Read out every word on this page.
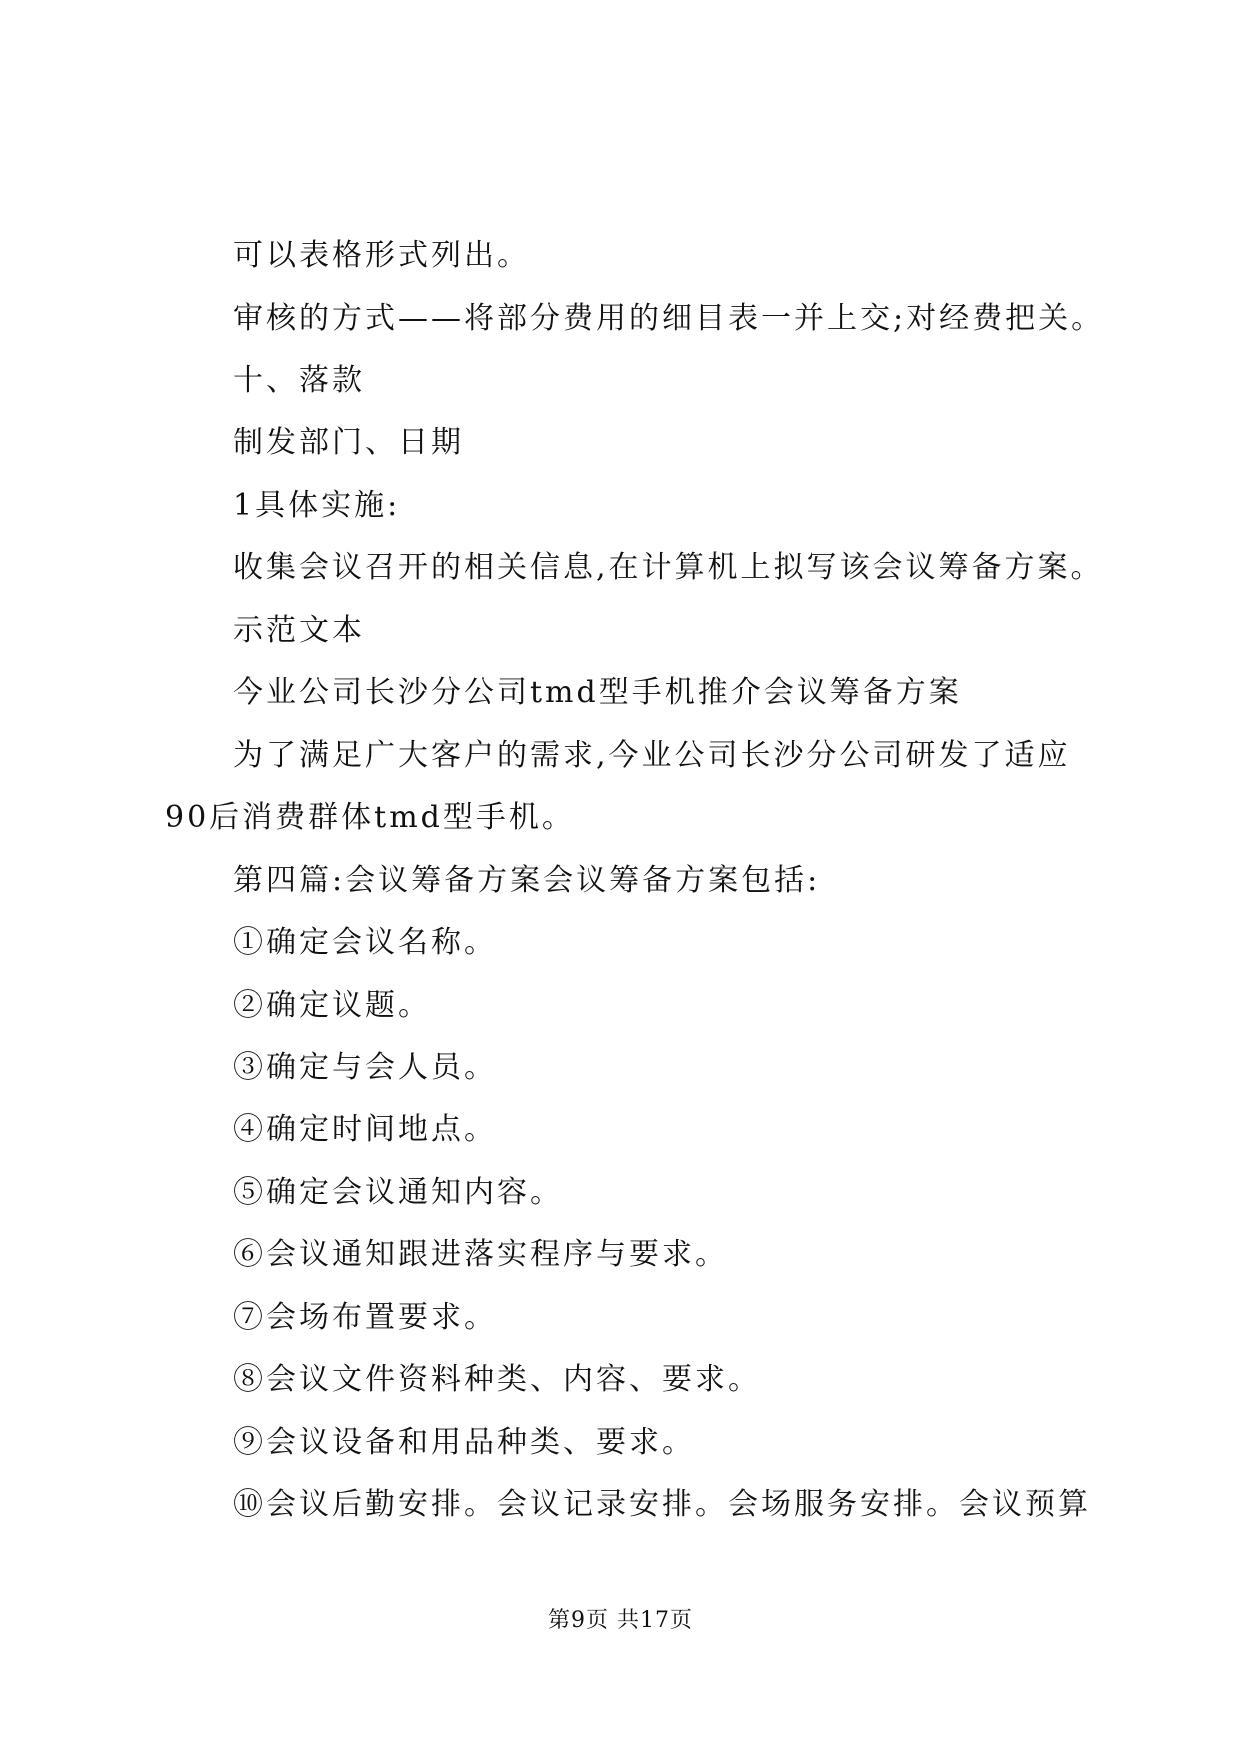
可以表格形式列出。
审核的方式——将部分费用的细目表一并上交;对经费把关。
十、落款
制发部门、日期
1具体实施:
收集会议召开的相关信息,在计算机上拟写该会议筹备方案。
示范文本
今业公司长沙分公司tmd型手机推介会议筹备方案
为了满足广大客户的需求,今业公司长沙分公司研发了适应
90后消费群体tmd型手机。
第四篇:会议筹备方案会议筹备方案包括:
①确定会议名称。
②确定议题。
③确定与会人员。
④确定时间地点。
⑤确定会议通知内容。
⑥会议通知跟进落实程序与要求。
⑦会场布置要求。
⑧会议文件资料种类、内容、要求。
⑨会议设备和用品种类、要求。
⑩会议后勤安排。会议记录安排。会场服务安排。会议预算
第9页 共17页
